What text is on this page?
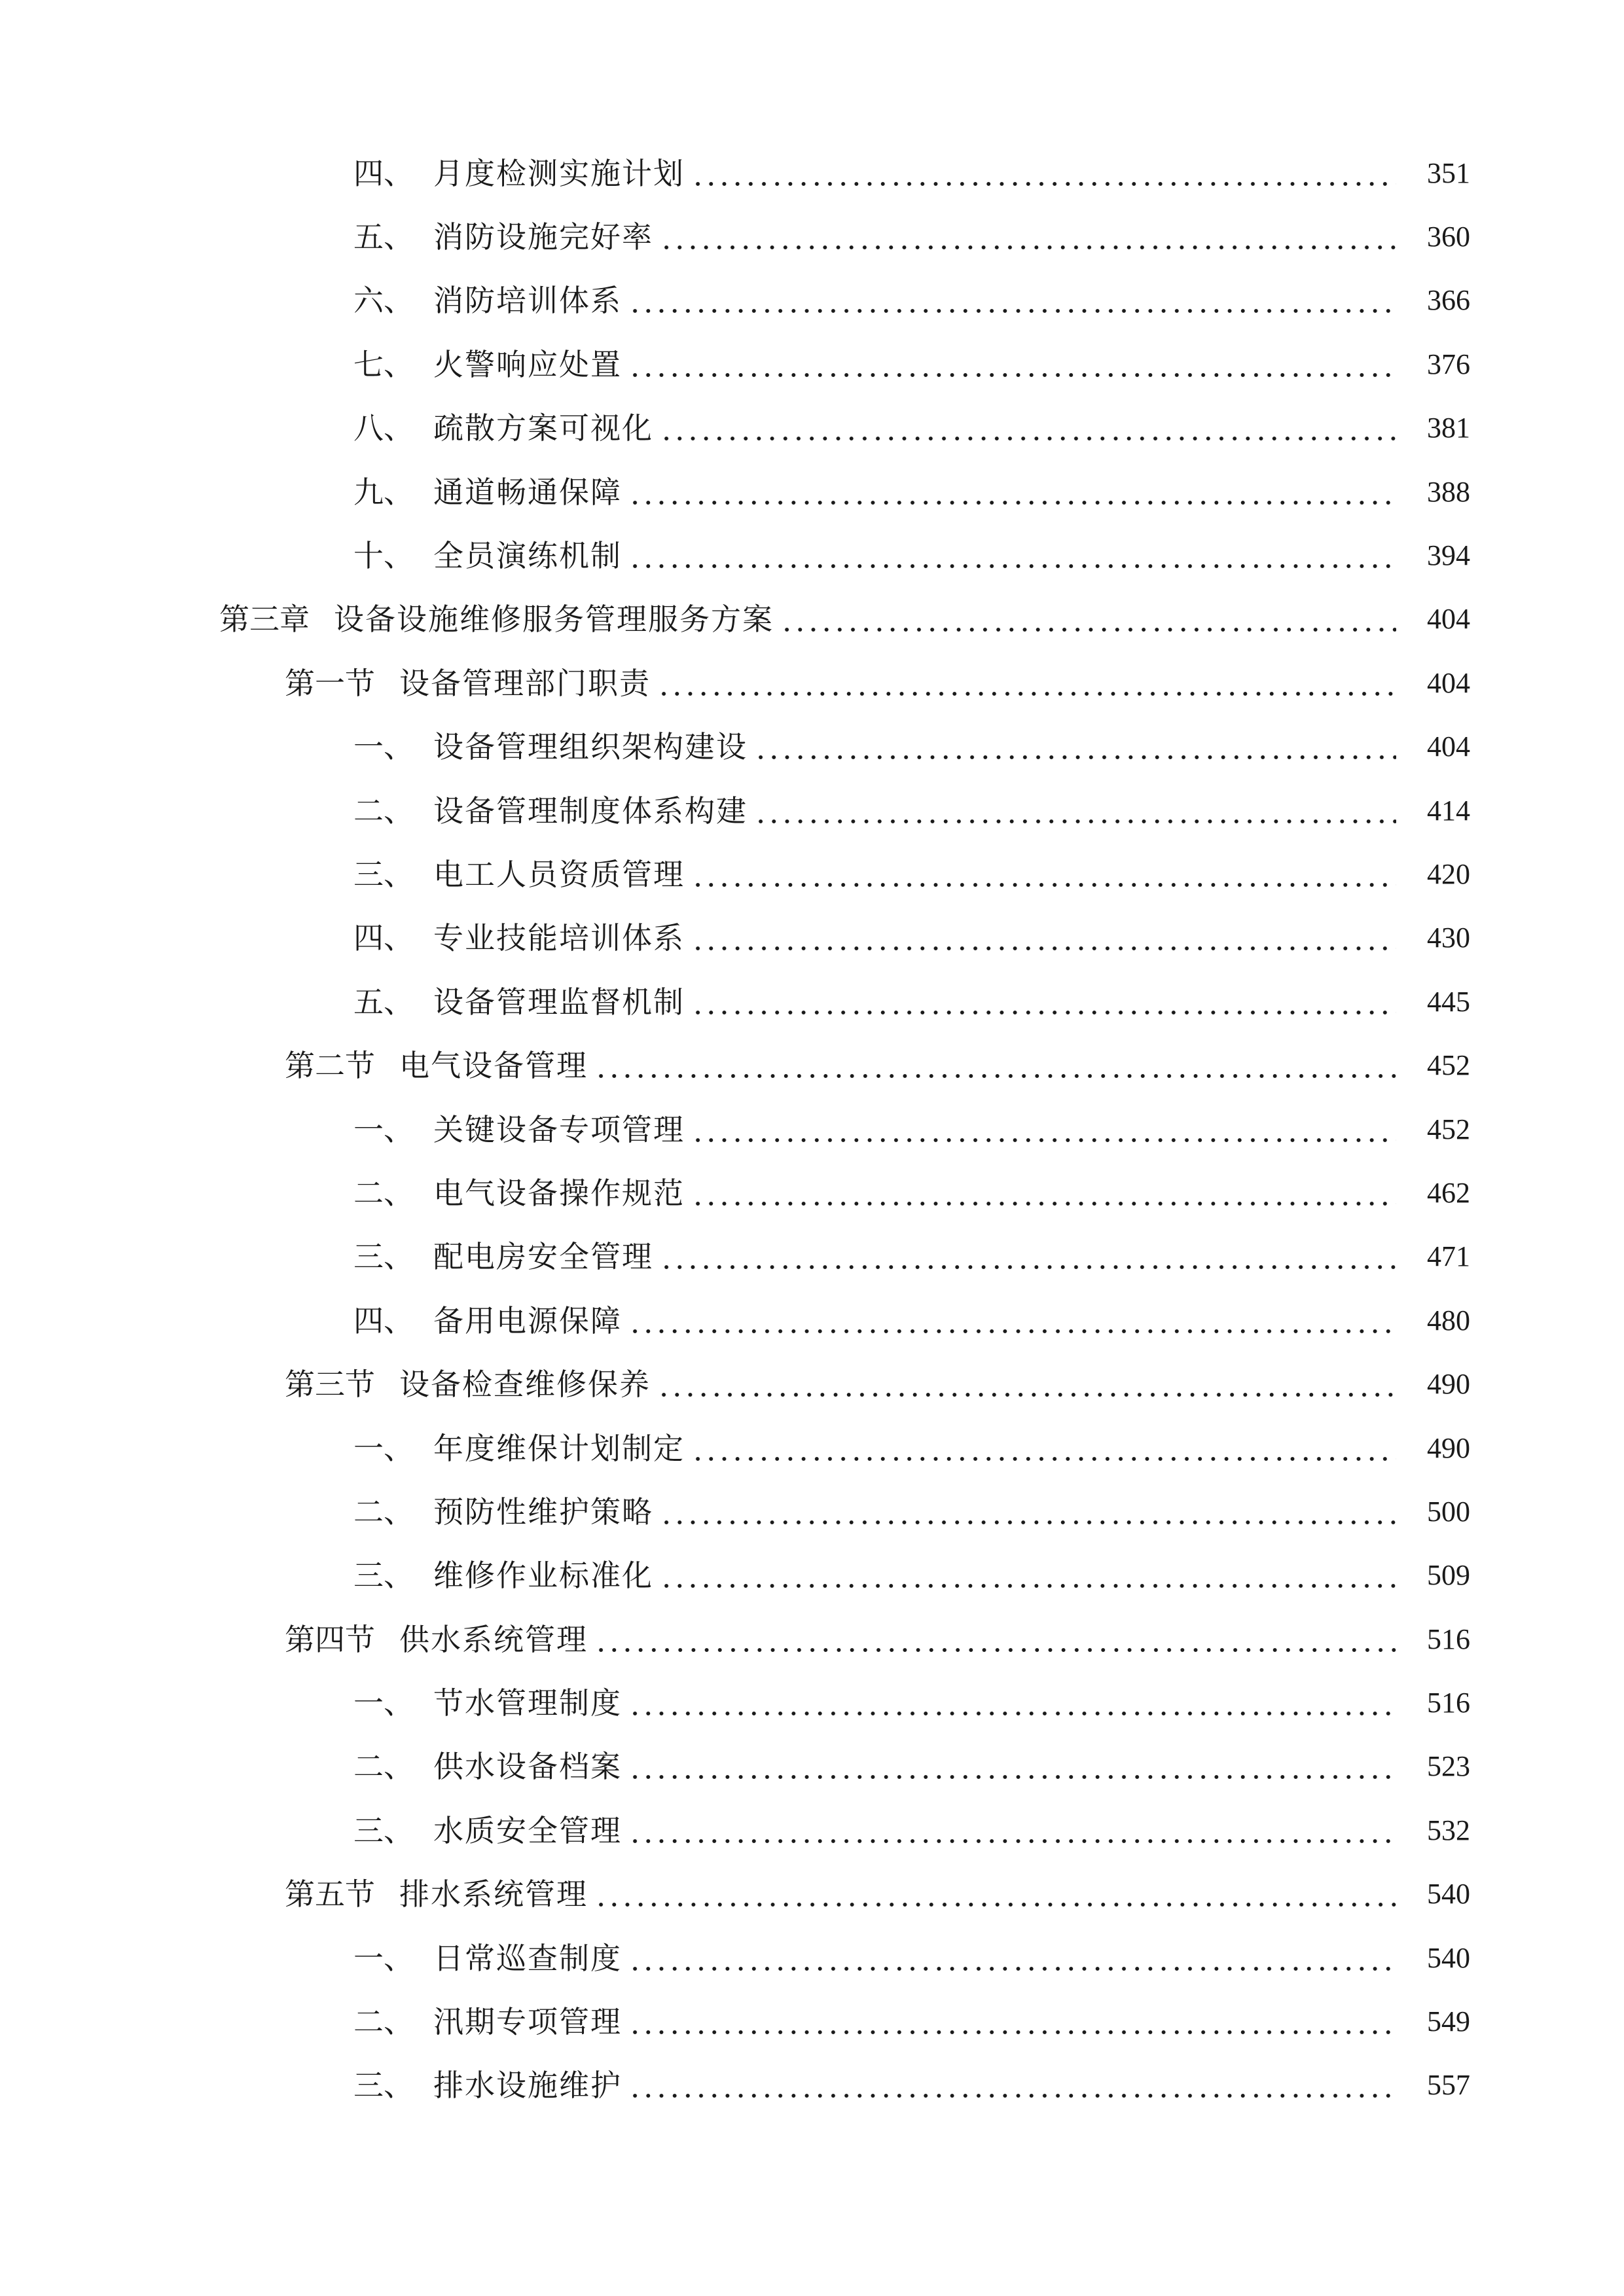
四、 月度检测实施计划	351
五、 消防设施完好率	360
六、 消防培训体系	366
七、 火警响应处置	376
八、 疏散方案可视化	381
九、 通道畅通保障	388
十、 全员演练机制	394
第三章 设备设施维修服务管理服务方案	404
第一节 设备管理部门职责	404
一、 设备管理组织架构建设	404
二、 设备管理制度体系构建	414
三、 电工人员资质管理	420
四、 专业技能培训体系	430
五、 设备管理监督机制	445
第二节 电气设备管理	452
一、 关键设备专项管理	452
二、 电气设备操作规范	462
三、 配电房安全管理	471
四、 备用电源保障	480
第三节 设备检查维修保养	490
一、 年度维保计划制定	490
二、 预防性维护策略	500
三、 维修作业标准化	509
第四节 供水系统管理	516
一、 节水管理制度	516
二、 供水设备档案	523
三、 水质安全管理	532
第五节 排水系统管理	540
一、 日常巡查制度	540
二、 汛期专项管理	549
三、 排水设施维护	557
